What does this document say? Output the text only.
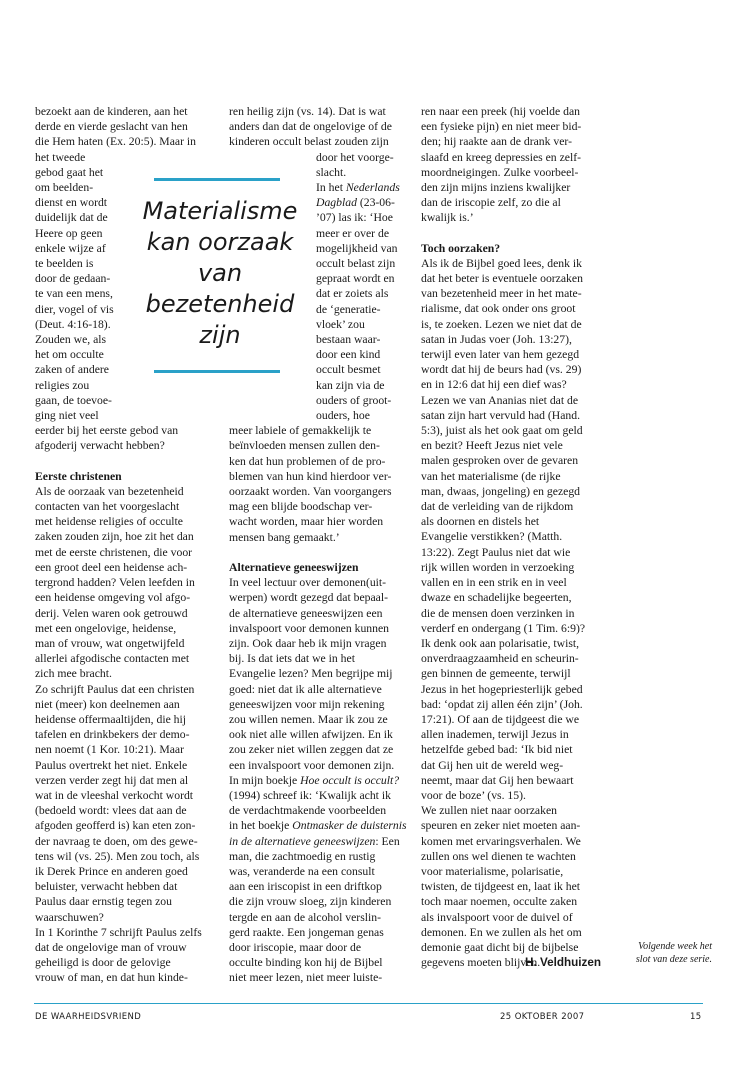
bezoekt aan de kinderen, aan het

derde en vierde geslacht van hen

die Hem haten (Ex. 20:5). Maar in

het tweede

gebod gaat het

om beelden-

dienst en wordt

duidelijk dat de

Heere op geen

enkele wijze af

te beelden is

door de gedaan-

te van een mens,

dier, vogel of vis

(Deut. 4:16-18).

Zouden we, als

het om occulte

zaken of andere

religies zou

gaan, de toevoe-

ging niet veel

eerder bij het eerste gebod van

afgoderij verwacht hebben?

Eerste christenen

Als de oorzaak van bezetenheid

contacten van het voorgeslacht

met heidense religies of occulte

zaken zouden zijn, hoe zit het dan

met de eerste christenen, die voor

een groot deel een heidense ach-

tergrond hadden? Velen leefden in

een heidense omgeving vol afgo-

derij. Velen waren ook getrouwd

met een ongelovige, heidense,

man of vrouw, wat ongetwijfeld

allerlei afgodische contacten met

zich mee bracht.

Zo schrijft Paulus dat een christen

niet (meer) kon deelnemen aan

heidense offermaaltijden, die hij

tafelen en drinkbekers der demo-

nen noemt (1 Kor. 10:21). Maar

Paulus overtrekt het niet. Enkele

verzen verder zegt hij dat men al

wat in de vleeshal verkocht wordt

(bedoeld wordt: vlees dat aan de

afgoden geofferd is) kan eten zon-

der navraag te doen, om des gewe-

tens wil (vs. 25). Men zou toch, als

ik Derek Prince en anderen goed

beluister, verwacht hebben dat

Paulus daar ernstig tegen zou

waarschuwen?

In 1 Korinthe 7 schrijft Paulus zelfs

dat de ongelovige man of vrouw

geheiligd is door de gelovige

vrouw of man, en dat hun kinde-

ren heilig zijn (vs. 14). Dat is wat

anders dan dat de ongelovige of de

kinderen occult belast zouden zijn

door het voorge-

slacht.

In het Nederlands

Dagblad (23-06-

’07) las ik: ‘Hoe

meer er over de

mogelijkheid van

occult belast zijn

gepraat wordt en

dat er zoiets als

de ‘generatie-

vloek’ zou

bestaan waar-

door een kind

occult besmet

kan zijn via de

ouders of groot-

ouders, hoe

meer labiele of gemakkelijk te

beïnvloeden mensen zullen den-

ken dat hun problemen of de pro-

blemen van hun kind hierdoor ver-

oorzaakt worden. Van voorgangers

mag een blijde boodschap ver-

wacht worden, maar hier worden

mensen bang gemaakt.’

Alternatieve geneeswijzen

In veel lectuur over demonen(uit-

werpen) wordt gezegd dat bepaal-

de alternatieve geneeswijzen een

invalspoort voor demonen kunnen

zijn. Ook daar heb ik mijn vragen

bij. Is dat iets dat we in het

Evangelie lezen? Men begrijpe mij

goed: niet dat ik alle alternatieve

geneeswijzen voor mijn rekening

zou willen nemen. Maar ik zou ze

ook niet alle willen afwijzen. En ik

zou zeker niet willen zeggen dat ze

een invalspoort voor demonen zijn.

In mijn boekje Hoe occult is occult?

(1994) schreef ik: ‘Kwalijk acht ik

de verdachtmakende voorbeelden

in het boekje Ontmasker de duisternis

in de alternatieve geneeswijzen: Een

man, die zachtmoedig en rustig

was, veranderde na een consult

aan een iriscopist in een driftkop

die zijn vrouw sloeg, zijn kinderen

tergde en aan de alcohol verslin-

gerd raakte. Een jongeman genas

door iriscopie, maar door de

occulte binding kon hij de Bijbel

niet meer lezen, niet meer luiste-

ren naar een preek (hij voelde dan

een fysieke pijn) en niet meer bid-

den; hij raakte aan de drank ver-

slaafd en kreeg depressies en zelf-

moordneigingen. Zulke voorbeel-

den zijn mijns inziens kwalijker

dan de iriscopie zelf, zo die al

kwalijk is.’

Toch oorzaken?

Als ik de Bijbel goed lees, denk ik

dat het beter is eventuele oorzaken

van bezetenheid meer in het mate-

rialisme, dat ook onder ons groot

is, te zoeken. Lezen we niet dat de

satan in Judas voer (Joh. 13:27),

terwijl even later van hem gezegd

wordt dat hij de beurs had (vs. 29)

en in 12:6 dat hij een dief was?

Lezen we van Ananias niet dat de

satan zijn hart vervuld had (Hand.

5:3), juist als het ook gaat om geld

en bezit? Heeft Jezus niet vele

malen gesproken over de gevaren

van het materialisme (de rijke

man, dwaas, jongeling) en gezegd

dat de verleiding van de rijkdom

als doornen en distels het

Evangelie verstikken? (Matth.

13:22). Zegt Paulus niet dat wie

rijk willen worden in verzoeking

vallen en in een strik en in veel

dwaze en schadelijke begeerten,

die de mensen doen verzinken in

verderf en ondergang (1 Tim. 6:9)?

Ik denk ook aan polarisatie, twist,

onverdraagzaamheid en scheurin-

gen binnen de gemeente, terwijl

Jezus in het hogepriesterlijk gebed

bad: ‘opdat zij allen één zijn’ (Joh.

17:21). Of aan de tijdgeest die we

allen inademen, terwijl Jezus in

hetzelfde gebed bad: ‘Ik bid niet

dat Gij hen uit de wereld weg-

neemt, maar dat Gij hen bewaart

voor de boze’ (vs. 15).

We zullen niet naar oorzaken

speuren en zeker niet moeten aan-

komen met ervaringsverhalen. We

zullen ons wel dienen te wachten

voor materialisme, polarisatie,

twisten, de tijdgeest en, laat ik het

toch maar noemen, occulte zaken

als invalspoort voor de duivel of

demonen. En we zullen als het om

demonie gaat dicht bij de bijbelse

gegevens moeten blijven.

H. Veldhuizen

Materialisme
kan oorzaak
van bezetenheid
zijn
Volgende week het
slot van deze serie.
DE WAARHEIDSVRIEND	25 OKTOBER 2007	15
